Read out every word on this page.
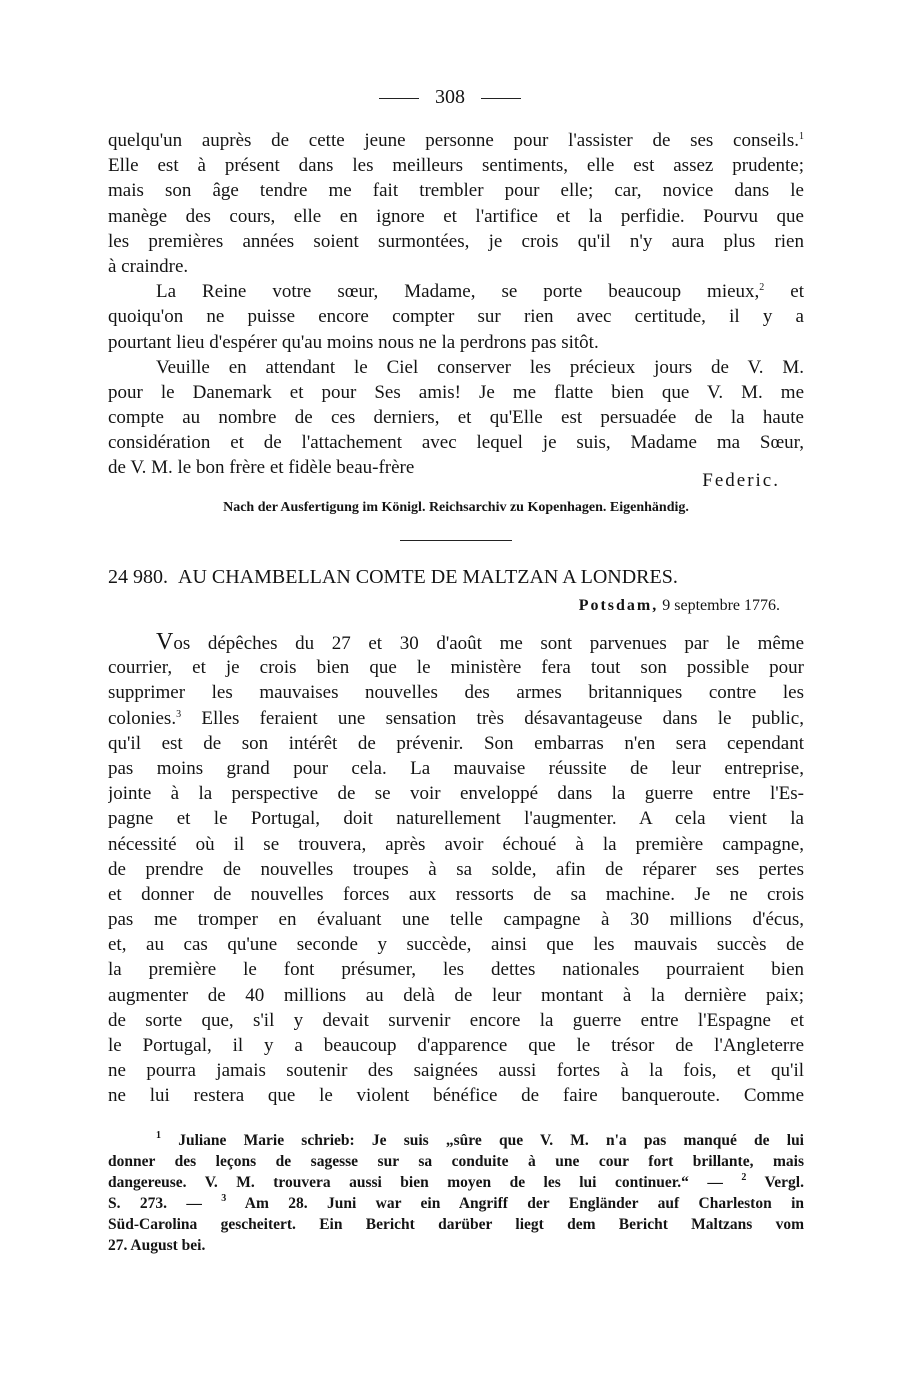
308
quelqu'un auprès de cette jeune personne pour l'assister de ses conseils.$^1$
Elle est à présent dans les meilleurs sentiments, elle est assez prudente;
mais son âge tendre me fait trembler pour elle; car, novice dans le
manège des cours, elle en ignore et l'artifice et la perfidie. Pourvu que
les premières années soient surmontées, je crois qu'il n'y aura plus rien
à craindre.
La Reine votre sœur, Madame, se porte beaucoup mieux,$^2$ et
quoiqu'on ne puisse encore compter sur rien avec certitude, il y a
pourtant lieu d'espérer qu'au moins nous ne la perdrons pas sitôt.
Veuille en attendant le Ciel conserver les précieux jours de V. M.
pour le Danemark et pour Ses amis! Je me flatte bien que V. M. me
compte au nombre de ces derniers, et qu'Elle est persuadée de la haute
considération et de l'attachement avec lequel je suis, Madame ma Sœur,
de V. M. le bon frère et fidèle beau-frère
Federic.
Nach der Ausfertigung im Königl. Reichsarchiv zu Kopenhagen. Eigenhändig.
24 980. AU CHAMBELLAN COMTE DE MALTZAN A LONDRES.
Potsdam, 9 septembre 1776.
Vos dépêches du 27 et 30 d'août me sont parvenues par le même
courrier, et je crois bien que le ministère fera tout son possible pour
supprimer les mauvaises nouvelles des armes britanniques contre les
colonies.$^3$ Elles feraient une sensation très désavantageuse dans le public,
qu'il est de son intérêt de prévenir. Son embarras n'en sera cependant
pas moins grand pour cela. La mauvaise réussite de leur entreprise,
jointe à la perspective de se voir enveloppé dans la guerre entre l'Es-
pagne et le Portugal, doit naturellement l'augmenter. A cela vient la
nécessité où il se trouvera, après avoir échoué à la première campagne,
de prendre de nouvelles troupes à sa solde, afin de réparer ses pertes
et donner de nouvelles forces aux ressorts de sa machine. Je ne crois
pas me tromper en évaluant une telle campagne à 30 millions d'écus,
et, au cas qu'une seconde y succède, ainsi que les mauvais succès de
la première le font présumer, les dettes nationales pourraient bien
augmenter de 40 millions au delà de leur montant à la dernière paix;
de sorte que, s'il y devait survenir encore la guerre entre l'Espagne et
le Portugal, il y a beaucoup d'apparence que le trésor de l'Angleterre
ne pourra jamais soutenir des saignées aussi fortes à la fois, et qu'il
ne lui restera que le violent bénéfice de faire banqueroute. Comme
$^1$ Juliane Marie schrieb: Je suis „sûre que V. M. n'a pas manqué de lui
donner des leçons de sagesse sur sa conduite à une cour fort brillante, mais
dangereuse. V. M. trouvera aussi bien moyen de les lui continuer.“ — $^2$ Vergl.
S. 273. — $^3$ Am 28. Juni war ein Angriff der Engländer auf Charleston in
Süd-Carolina gescheitert. Ein Bericht darüber liegt dem Bericht Maltzans vom
27. August bei.
